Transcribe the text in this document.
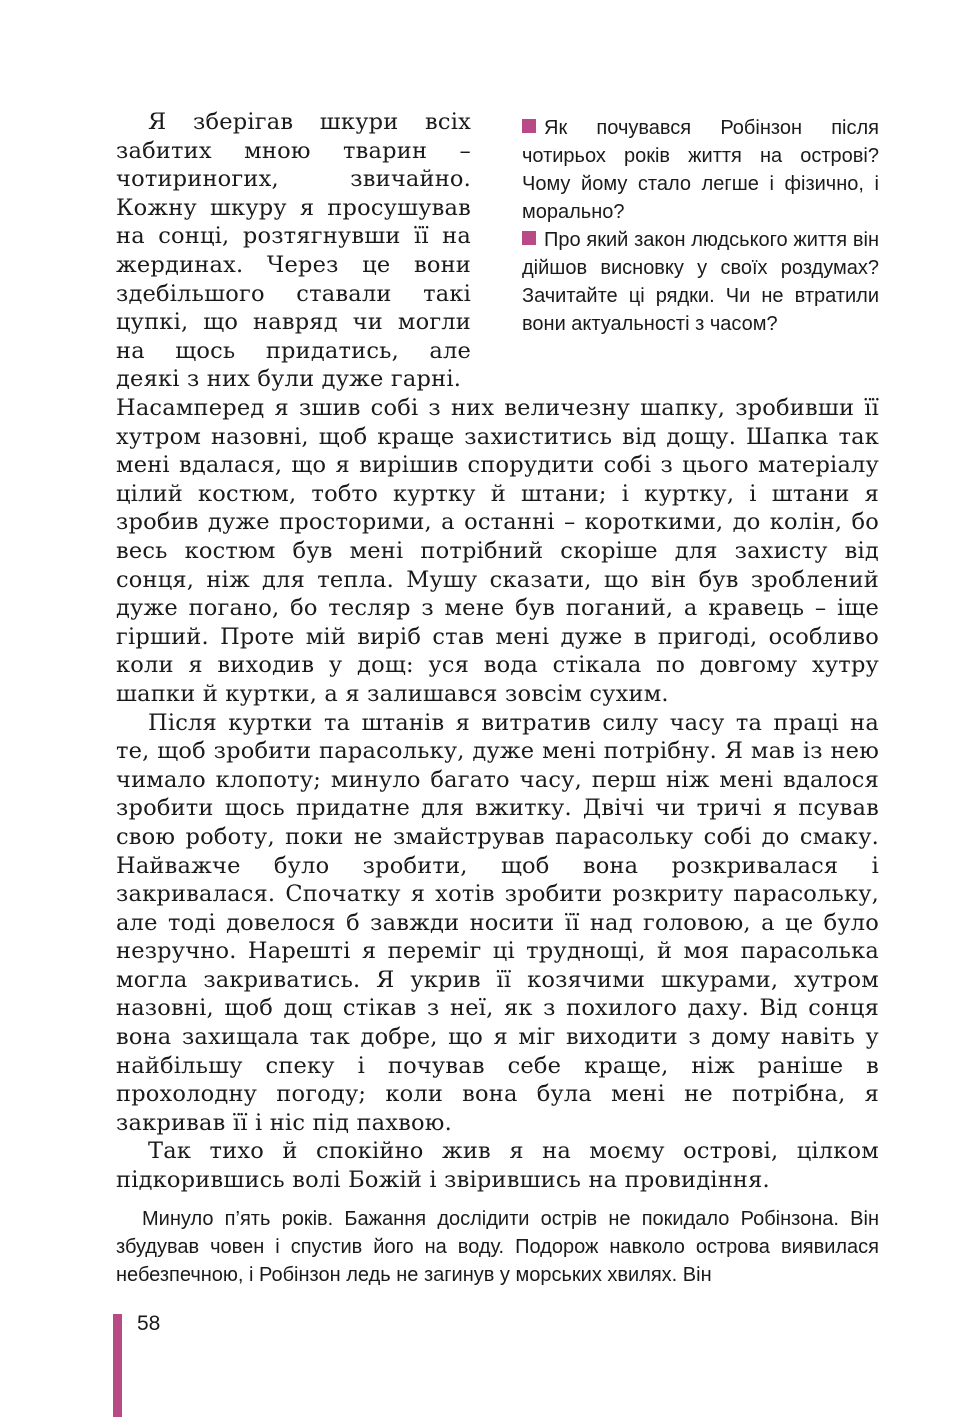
Я зберігав шкури всіх забитих мною тварин – чотириногих, звичайно. Кожну шкуру я просушував на сонці, розтягнувши її на жердинах. Через це вони здебільшого ставали такі цупкі, що навряд чи могли на щось придатись, але деякі з них були дуже гарні.

Як почувався Робінзон після чотирьох років життя на острові? Чому йому стало легше і фізично, і морально?

Про який закон людського життя він дійшов висновку у своїх роздумах? Зачитайте ці рядки. Чи не втратили вони актуальності з часом?

Насамперед я зшив собі з них величезну шапку, зробивши її хутром назовні, щоб краще захиститись від дощу. Шапка так мені вдалася, що я вирішив спорудити собі з цього матеріалу цілий костюм, тобто куртку й штани; і куртку, і штани я зробив дуже просторими, а останні – короткими, до колін, бо весь костюм був мені потрібний скоріше для захисту від сонця, ніж для тепла. Мушу сказати, що він був зроблений дуже погано, бо тесляр з мене був поганий, а кравець – іще гірший. Проте мій виріб став мені дуже в пригоді, особливо коли я виходив у дощ: уся вода стікала по довгому хутру шапки й куртки, а я залишався зовсім сухим.

Після куртки та штанів я витратив силу часу та праці на те, щоб зробити парасольку, дуже мені потрібну. Я мав із нею чимало клопоту; минуло багато часу, перш ніж мені вдалося зробити щось придатне для вжитку. Двічі чи тричі я псував свою роботу, поки не змайстрував парасольку собі до смаку. Найважче було зробити, щоб вона розкривалася і закривалася. Спочатку я хотів зробити розкриту парасольку, але тоді довелося б завжди носити її над головою, а це було незручно. Нарешті я переміг ці труднощі, й моя парасолька могла закриватись. Я укрив її козячими шкурами, хутром назовні, щоб дощ стікав з неї, як з похилого даху. Від сонця вона захищала так добре, що я міг виходити з дому навіть у найбільшу спеку і почував себе краще, ніж раніше в прохолодну погоду; коли вона була мені не потрібна, я закривав її і ніс під пахвою.

Так тихо й спокійно жив я на моєму острові, цілком підкорившись волі Божій і звірившись на провидіння.

Минуло п’ять років. Бажання дослідити острів не покидало Робінзона. Він збудував човен і спустив його на воду. Подорож навколо острова виявилася небезпечною, і Робінзон ледь не загинув у морських хвилях. Він

58
